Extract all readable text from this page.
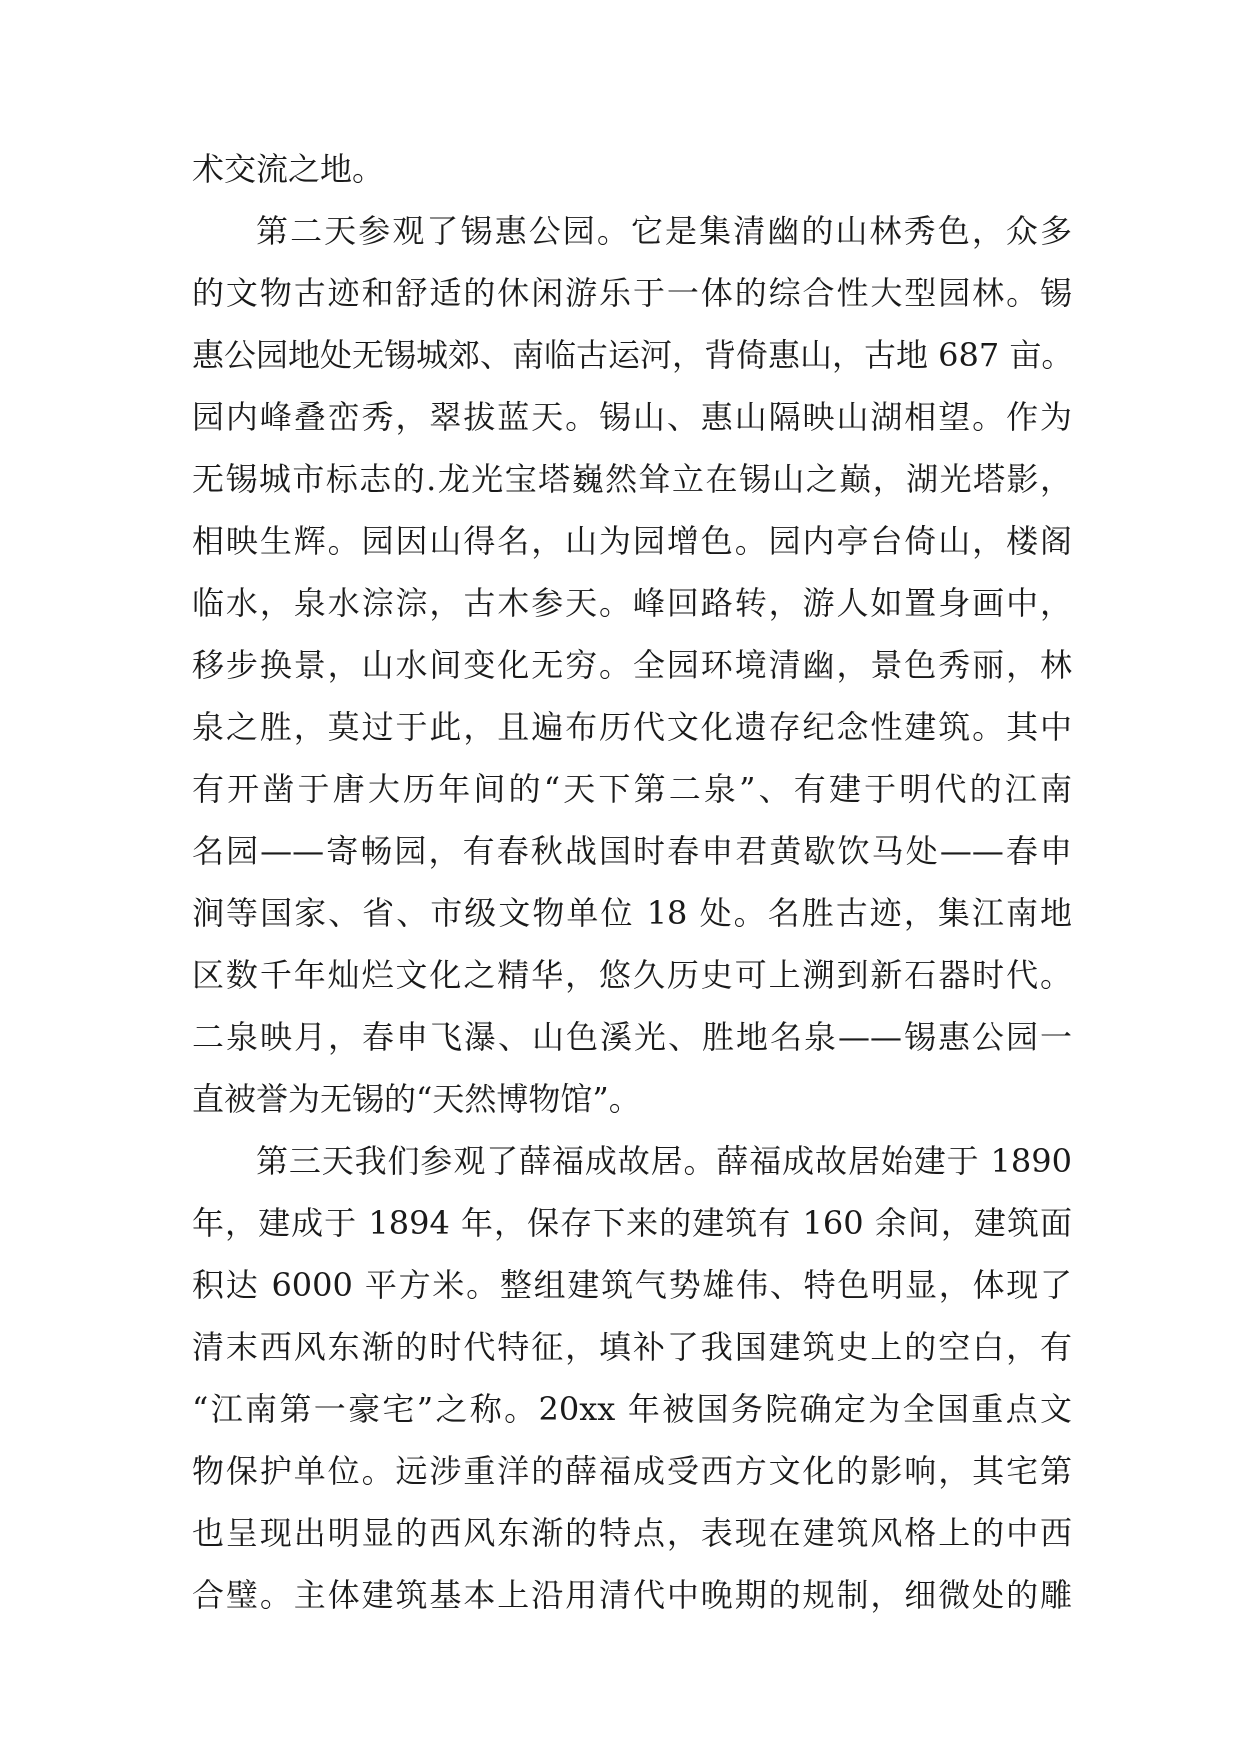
术交流之地。
第二天参观了锡惠公园。它是集清幽的山林秀色，众多
的文物古迹和舒适的休闲游乐于一体的综合性大型园林。锡
惠公园地处无锡城郊、南临古运河，背倚惠山，古地 687 亩。
园内峰叠峦秀，翠拔蓝天。锡山、惠山隔映山湖相望。作为
无锡城市标志的.龙光宝塔巍然耸立在锡山之巅，湖光塔影，
相映生辉。园因山得名，山为园增色。园内亭台倚山，楼阁
临水，泉水淙淙，古木参天。峰回路转，游人如置身画中，
移步换景，山水间变化无穷。全园环境清幽，景色秀丽，林
泉之胜，莫过于此，且遍布历代文化遗存纪念性建筑。其中
有开凿于唐大历年间的“天下第二泉”、有建于明代的江南
名园——寄畅园，有春秋战国时春申君黄歇饮马处——春申
涧等国家、省、市级文物单位 18 处。名胜古迹，集江南地
区数千年灿烂文化之精华，悠久历史可上溯到新石器时代。
二泉映月，春申飞瀑、山色溪光、胜地名泉——锡惠公园一
直被誉为无锡的“天然博物馆”。
第三天我们参观了薛福成故居。薛福成故居始建于 1890
年，建成于 1894 年，保存下来的建筑有 160 余间，建筑面
积达 6000 平方米。整组建筑气势雄伟、特色明显，体现了
清末西风东渐的时代特征，填补了我国建筑史上的空白，有
“江南第一豪宅”之称。20xx 年被国务院确定为全国重点文
物保护单位。远涉重洋的薛福成受西方文化的影响，其宅第
也呈现出明显的西风东渐的特点，表现在建筑风格上的中西
合璧。主体建筑基本上沿用清代中晚期的规制，细微处的雕
